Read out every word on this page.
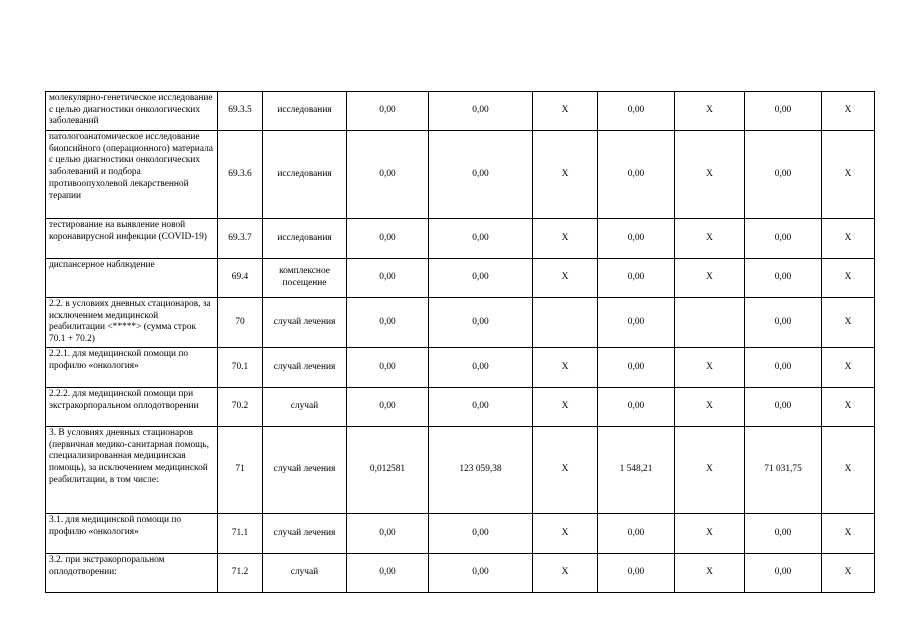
молекулярно-генетическое исследование с целью диагностики онкологических заболеваний	69.3.5	исследования	0,00	0,00	Х	0,00	Х	0,00	Х
патологоанатомическое исследование биопсийного (операционного) материала с целью диагностики онкологических заболеваний и подбора противоопухолевой лекарственной терапии	69.3.6	исследования	0,00	0,00	Х	0,00	Х	0,00	Х
тестирование на выявление новой коронавирусной инфекции (COVID-19)	69.3.7	исследования	0,00	0,00	Х	0,00	Х	0,00	Х
диспансерное наблюдение	69.4	комплексное посещение	0,00	0,00	Х	0,00	Х	0,00	Х
2.2. в условиях дневных стационаров, за исключением медицинской реабилитации <*****> (сумма строк 70.1 + 70.2)	70	случай лечения	0,00	0,00		0,00		0,00	Х
2.2.1. для медицинской помощи по профилю «онкология»	70.1	случай лечения	0,00	0,00	Х	0,00	Х	0,00	Х
2.2.2. для медицинской помощи при экстракорпоральном оплодотворении	70.2	случай	0,00	0,00	Х	0,00	Х	0,00	Х
3. В условиях дневных стационаров (первичная медико-санитарная помощь, специализированная медицинская помощь), за исключением медицинской реабилитации, в том числе:	71	случай лечения	0,012581	123 059,38	Х	1 548,21	Х	71 031,75	Х
3.1. для медицинской помощи по профилю «онкология»	71.1	случай лечения	0,00	0,00	Х	0,00	Х	0,00	Х
3.2. при экстракорпоральном оплодотворении:	71.2	случай	0,00	0,00	Х	0,00	Х	0,00	Х
